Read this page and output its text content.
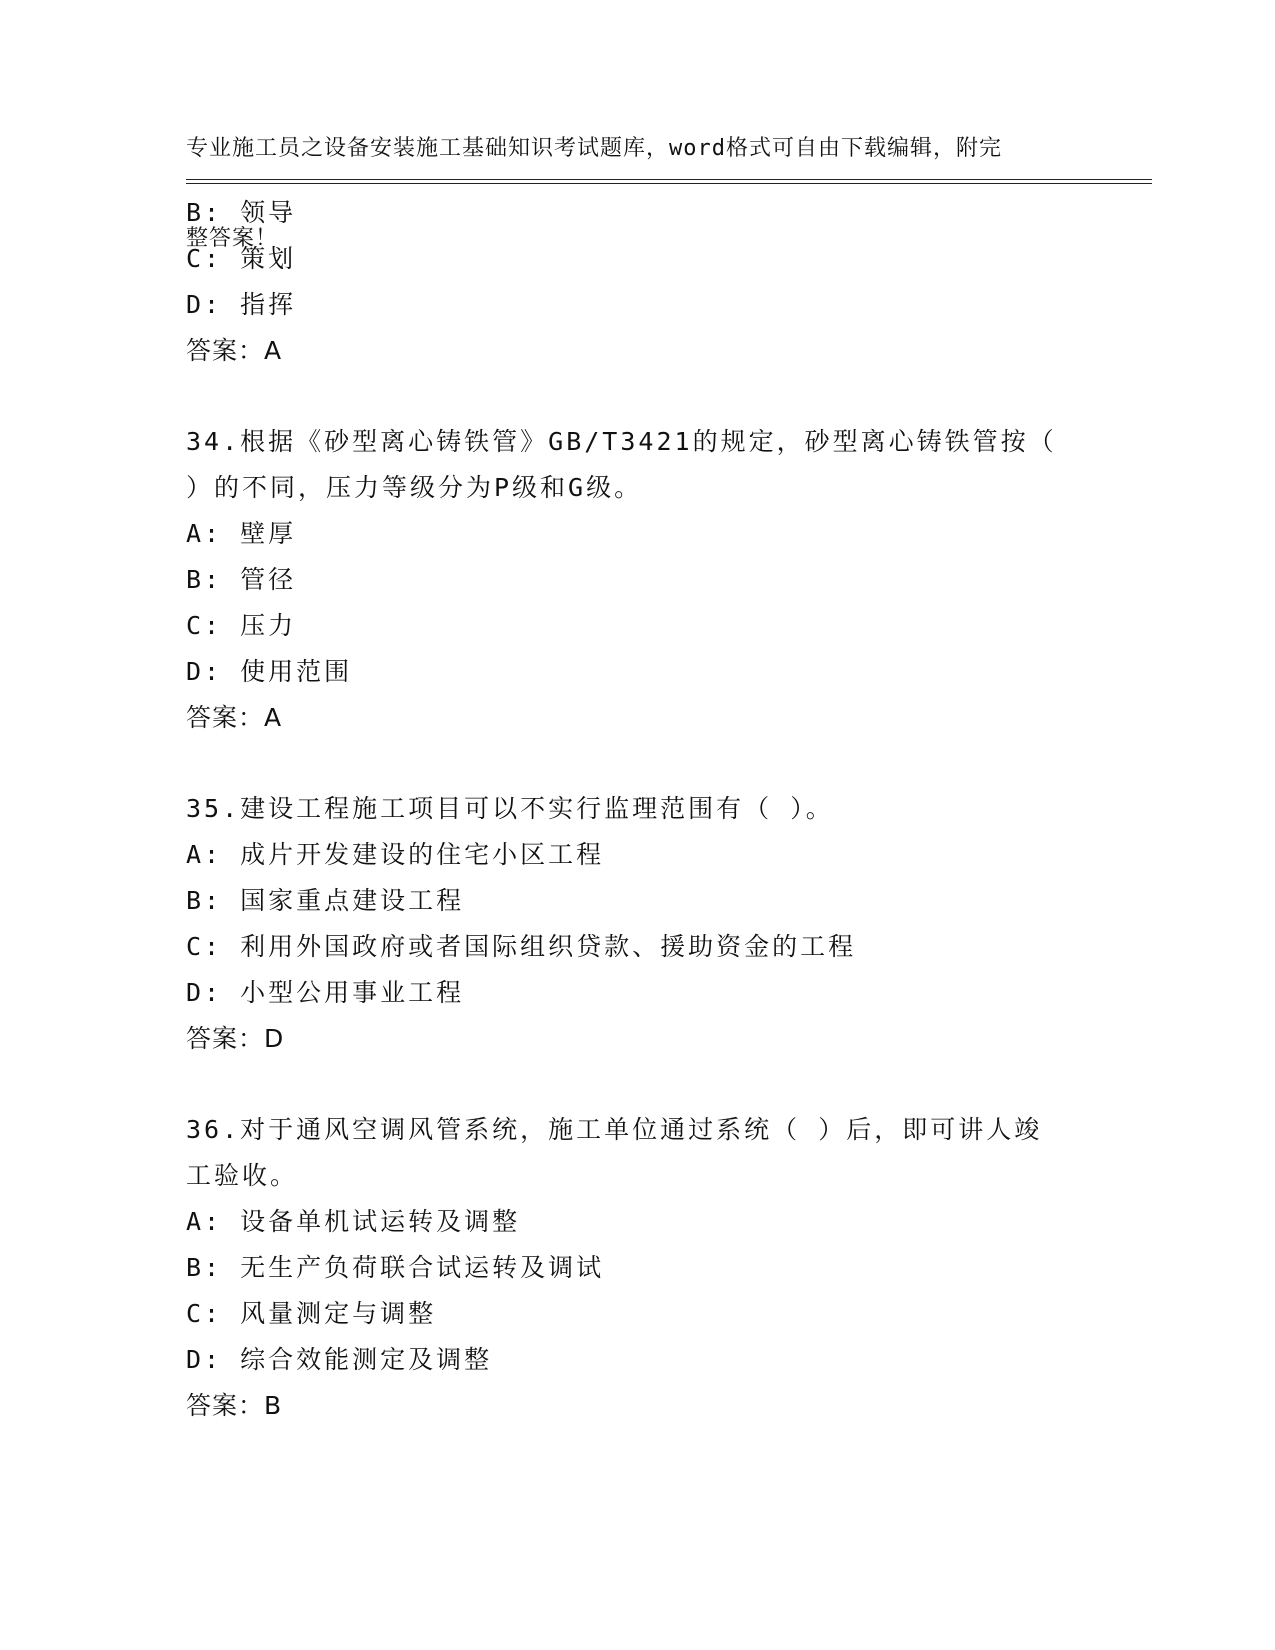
专业施工员之设备安装施工基础知识考试题库，word格式可自由下载编辑，附完

整答案！

B: 领导
C: 策划
D: 指挥
答案：A
34.根据《砂型离心铸铁管》GB/T3421的规定，砂型离心铸铁管按（
）的不同，压力等级分为P级和G级。
A: 壁厚
B: 管径
C: 压力
D: 使用范围
答案：A
35.建设工程施工项目可以不实行监理范围有（ ）。
A: 成片开发建设的住宅小区工程
B: 国家重点建设工程
C: 利用外国政府或者国际组织贷款、援助资金的工程
D: 小型公用事业工程
答案：D
36.对于通风空调风管系统，施工单位通过系统（ ）后，即可讲人竣
工验收。
A: 设备单机试运转及调整
B: 无生产负荷联合试运转及调试
C: 风量测定与调整
D: 综合效能测定及调整
答案：B
